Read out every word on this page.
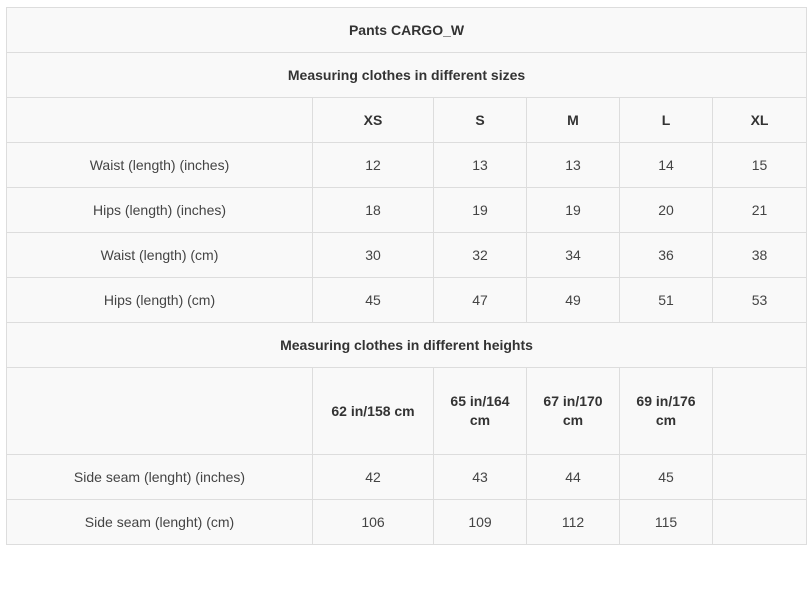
Pants CARGO_W					
Measuring clothes in different sizes					
	XS	S	M	L	XL
Waist (length) (inches)	12	13	13	14	15
Hips (length) (inches)	18	19	19	20	21
Waist (length) (cm)	30	32	34	36	38
Hips (length) (cm)	45	47	49	51	53
Measuring clothes in different heights					
	62 in/158 cm	65 in/164 cm	67 in/170 cm	69 in/176 cm	
Side seam (lenght) (inches)	42	43	44	45	
Side seam (lenght) (cm)	106	109	112	115	
